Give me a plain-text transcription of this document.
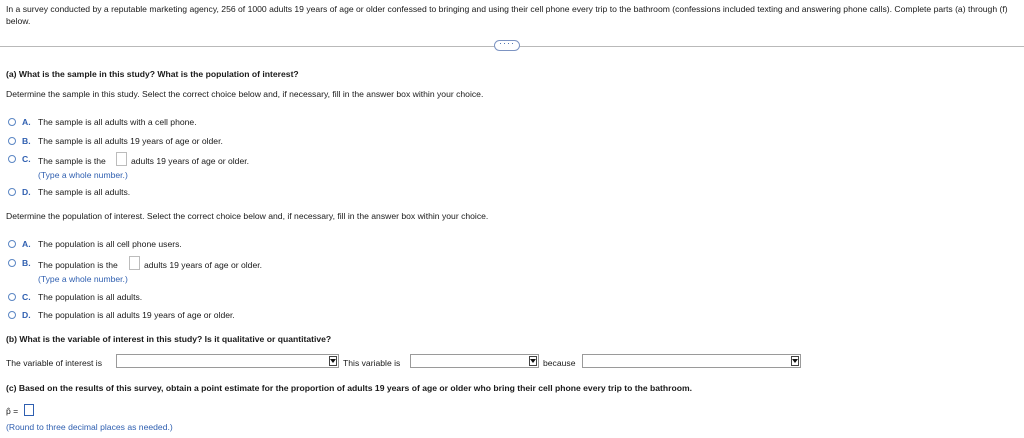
In a survey conducted by a reputable marketing agency, 256 of 1000 adults 19 years of age or older confessed to bringing and using their cell phone every trip to the bathroom (confessions included texting and answering phone calls). Complete parts (a) through (f) below.
····
(a) What is the sample in this study? What is the population of interest?
Determine the sample in this study. Select the correct choice below and, if necessary, fill in the answer box within your choice.
A. The sample is all adults with a cell phone.
B. The sample is all adults 19 years of age or older.
C. The sample is the	adults 19 years of age or older.
(Type a whole number.)
D. The sample is all adults.
Determine the population of interest. Select the correct choice below and, if necessary, fill in the answer box within your choice.
A. The population is all cell phone users.
B. The population is the	adults 19 years of age or older.
(Type a whole number.)
C. The population is all adults.
D. The population is all adults 19 years of age or older.
(b) What is the variable of interest in this study? Is it qualitative or quantitative?
The variable of interest is	This variable is	because
(c) Based on the results of this survey, obtain a point estimate for the proportion of adults 19 years of age or older who bring their cell phone every trip to the bathroom.
p̂ =
(Round to three decimal places as needed.)
